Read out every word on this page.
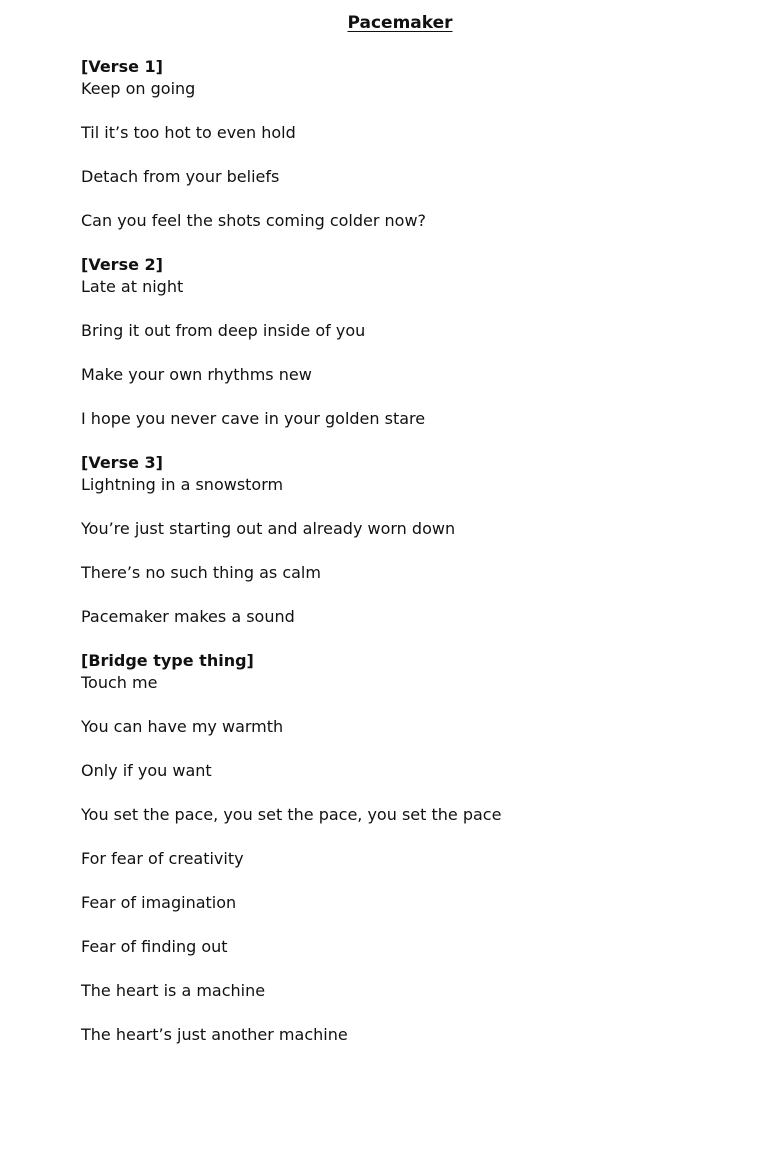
Pacemaker
[Verse 1]
Keep on going
Til it’s too hot to even hold
Detach from your beliefs
Can you feel the shots coming colder now?
[Verse 2]
Late at night
Bring it out from deep inside of you
Make your own rhythms new
I hope you never cave in your golden stare
[Verse 3]
Lightning in a snowstorm
You’re just starting out and already worn down
There’s no such thing as calm
Pacemaker makes a sound
[Bridge type thing]
Touch me
You can have my warmth
Only if you want
You set the pace, you set the pace, you set the pace
For fear of creativity
Fear of imagination
Fear of finding out
The heart is a machine
The heart’s just another machine
